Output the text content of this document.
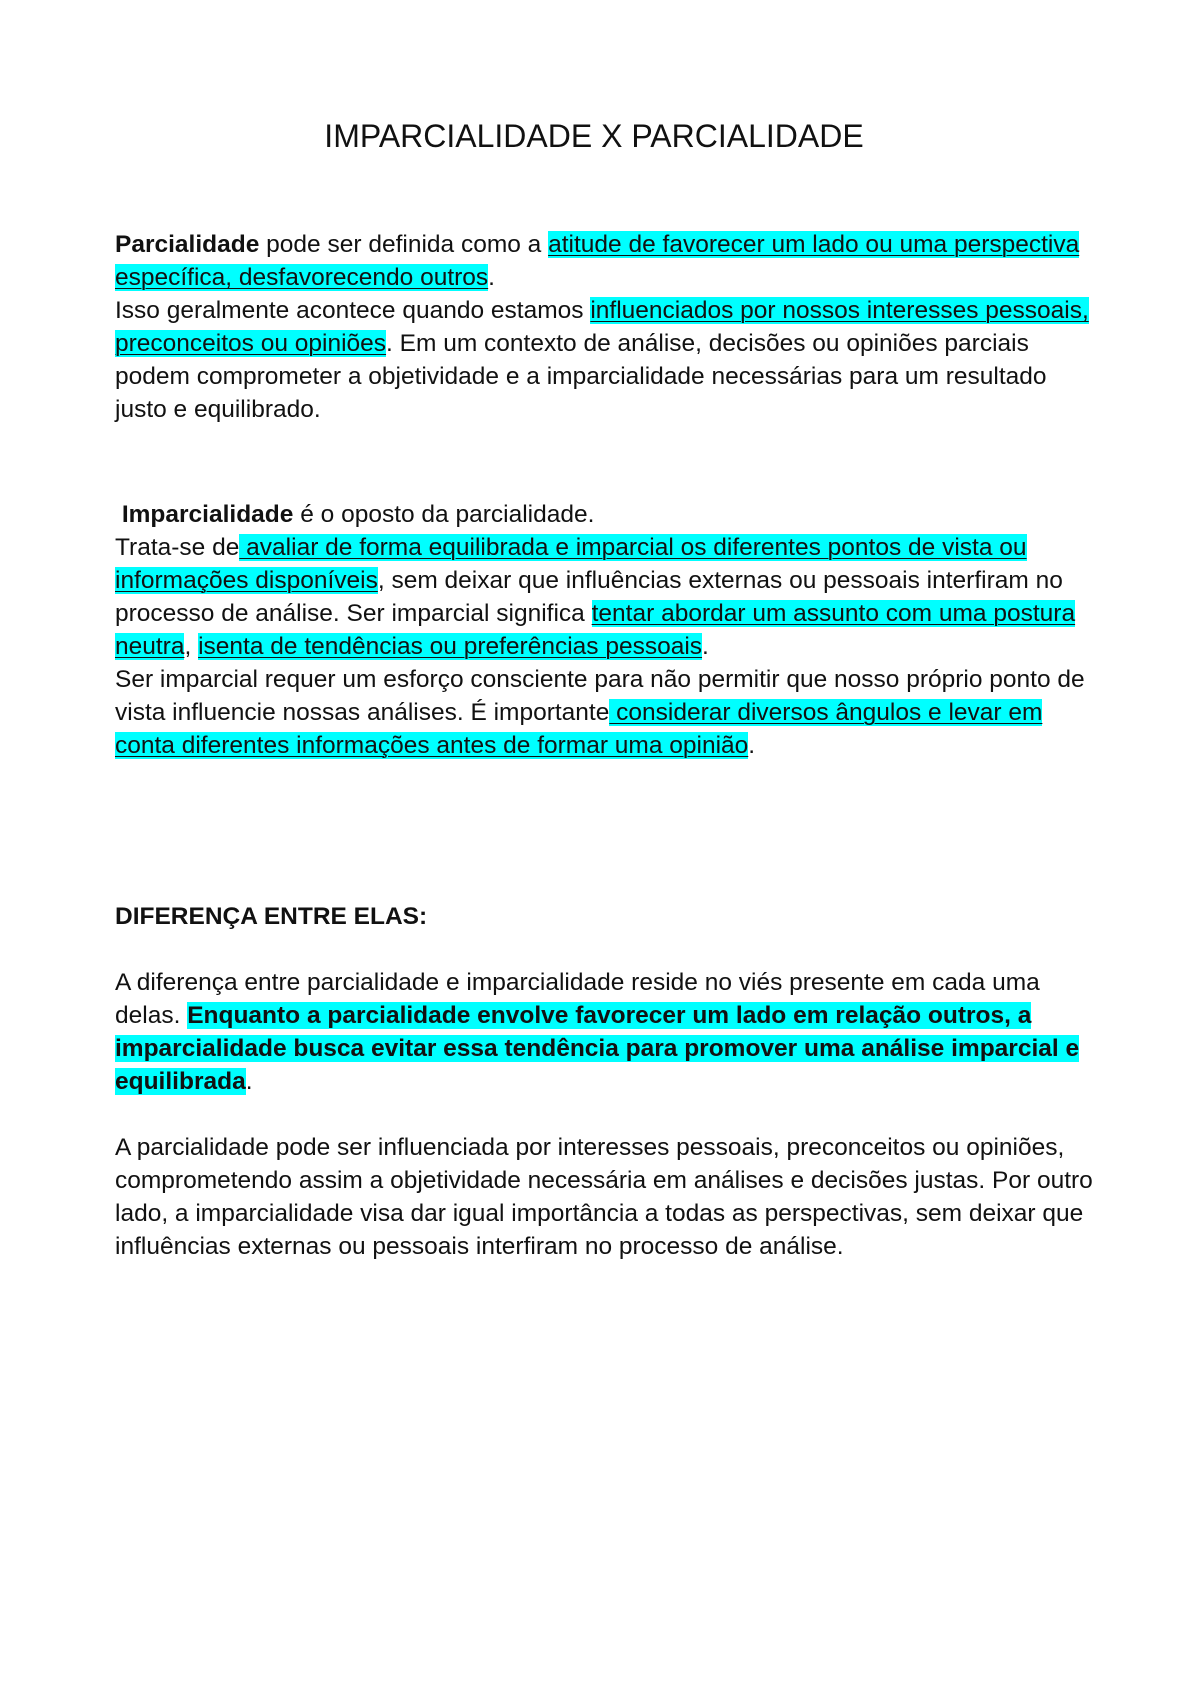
IMPARCIALIDADE X PARCIALIDADE

Parcialidade pode ser definida como a atitude de favorecer um lado ou uma perspectiva específica, desfavorecendo outros.

Isso geralmente acontece quando estamos influenciados por nossos interesses pessoais, preconceitos ou opiniões. Em um contexto de análise, decisões ou opiniões parciais podem comprometer a objetividade e a imparcialidade necessárias para um resultado justo e equilibrado.

Imparcialidade é o oposto da parcialidade.

Trata-se de avaliar de forma equilibrada e imparcial os diferentes pontos de vista ou informações disponíveis, sem deixar que influências externas ou pessoais interfiram no processo de análise. Ser imparcial significa tentar abordar um assunto com uma postura neutra, isenta de tendências ou preferências pessoais.

Ser imparcial requer um esforço consciente para não permitir que nosso próprio ponto de vista influencie nossas análises. É importante considerar diversos ângulos e levar em conta diferentes informações antes de formar uma opinião.

DIFERENÇA ENTRE ELAS:

A diferença entre parcialidade e imparcialidade reside no viés presente em cada uma delas. Enquanto a parcialidade envolve favorecer um lado em relação outros, a imparcialidade busca evitar essa tendência para promover uma análise imparcial e equilibrada.

A parcialidade pode ser influenciada por interesses pessoais, preconceitos ou opiniões, comprometendo assim a objetividade necessária em análises e decisões justas. Por outro lado, a imparcialidade visa dar igual importância a todas as perspectivas, sem deixar que influências externas ou pessoais interfiram no processo de análise.
